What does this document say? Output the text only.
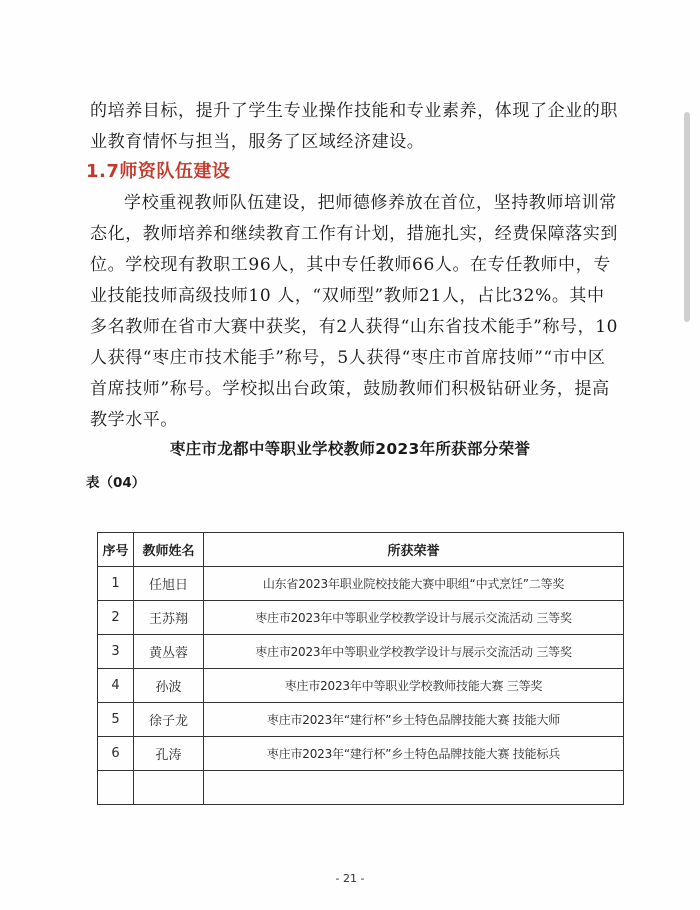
的培养目标，提升了学生专业操作技能和专业素养，体现了企业的职业教育情怀与担当，服务了区域经济建设。

1.7师资队伍建设

学校重视教师队伍建设，把师德修养放在首位，坚持教师培训常态化，教师培养和继续教育工作有计划，措施扎实，经费保障落实到位。学校现有教职工96人，其中专任教师66人。在专任教师中，专业技能技师高级技师10 人，“双师型”教师21人，占比32%。其中多名教师在省市大赛中获奖，有2人获得“山东省技术能手”称号，10人获得“枣庄市技术能手”称号，5人获得“枣庄市首席技师”“市中区首席技师”称号。学校拟出台政策，鼓励教师们积极钻研业务，提高教学水平。

枣庄市龙都中等职业学校教师2023年所获部分荣誉
表（04）
序号	教师姓名	所获荣誉
1	任旭日	山东省2023年职业院校技能大赛中职组“中式烹饪”二等奖
2	王苏翔	枣庄市2023年中等职业学校教学设计与展示交流活动 三等奖
3	黄丛蓉	枣庄市2023年中等职业学校教学设计与展示交流活动 三等奖
4	孙波	枣庄市2023年中等职业学校教师技能大赛 三等奖
5	徐子龙	枣庄市2023年“建行杯”乡土特色品牌技能大赛 技能大师
6	孔涛	枣庄市2023年“建行杯”乡土特色品牌技能大赛 技能标兵

- 21 -
